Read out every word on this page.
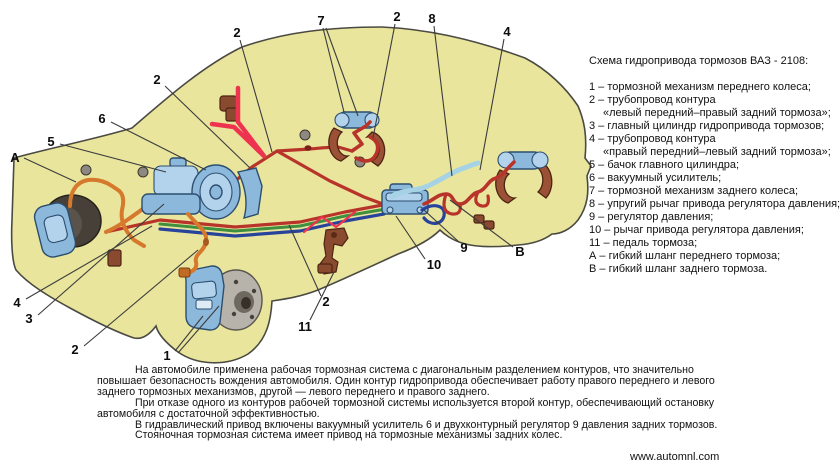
А
5
6
2
2
7	2 8
4
В
9
10
11
2
4
3
2	1

Схема гидропривода тормозов ВАЗ - 2108:

1 – тормозной механизм переднего колеса;
2 – трубопровод контура
«левый передний–правый задний тормоза»;
3 – главный цилиндр гидропривода тормозов;
4 – трубопровод контура
«правый передний–левый задний тормоза»;
5 – бачок главного цилиндра;
6 – вакуумный усилитель;
7 – тормозной механизм заднего колеса;
8 – упругий рычаг привода регулятора давления;
9 – регулятор давления;
10 – рычаг привода регулятора давления;
11 – педаль тормоза;
А – гибкий шланг переднего тормоза;
В – гибкий шланг заднего тормоза.

На автомобиле применена рабочая тормозная система с диагональным разделением контуров, что значительно повышает безопасность вождения автомобиля. Один контур гидропривода обеспечивает работу правого переднего и левого заднего тормозных механизмов, другой — левого переднего и правого заднего.

При отказе одного из контуров рабочей тормозной системы используется второй контур, обеспечивающий остановку автомобиля с достаточной эффективностью.

В гидравлический привод включены вакуумный усилитель 6 и двухконтурный регулятор 9 давления задних тормозов.

Стояночная тормозная система имеет привод на тормозные механизмы задних колес.

www.automnl.com
